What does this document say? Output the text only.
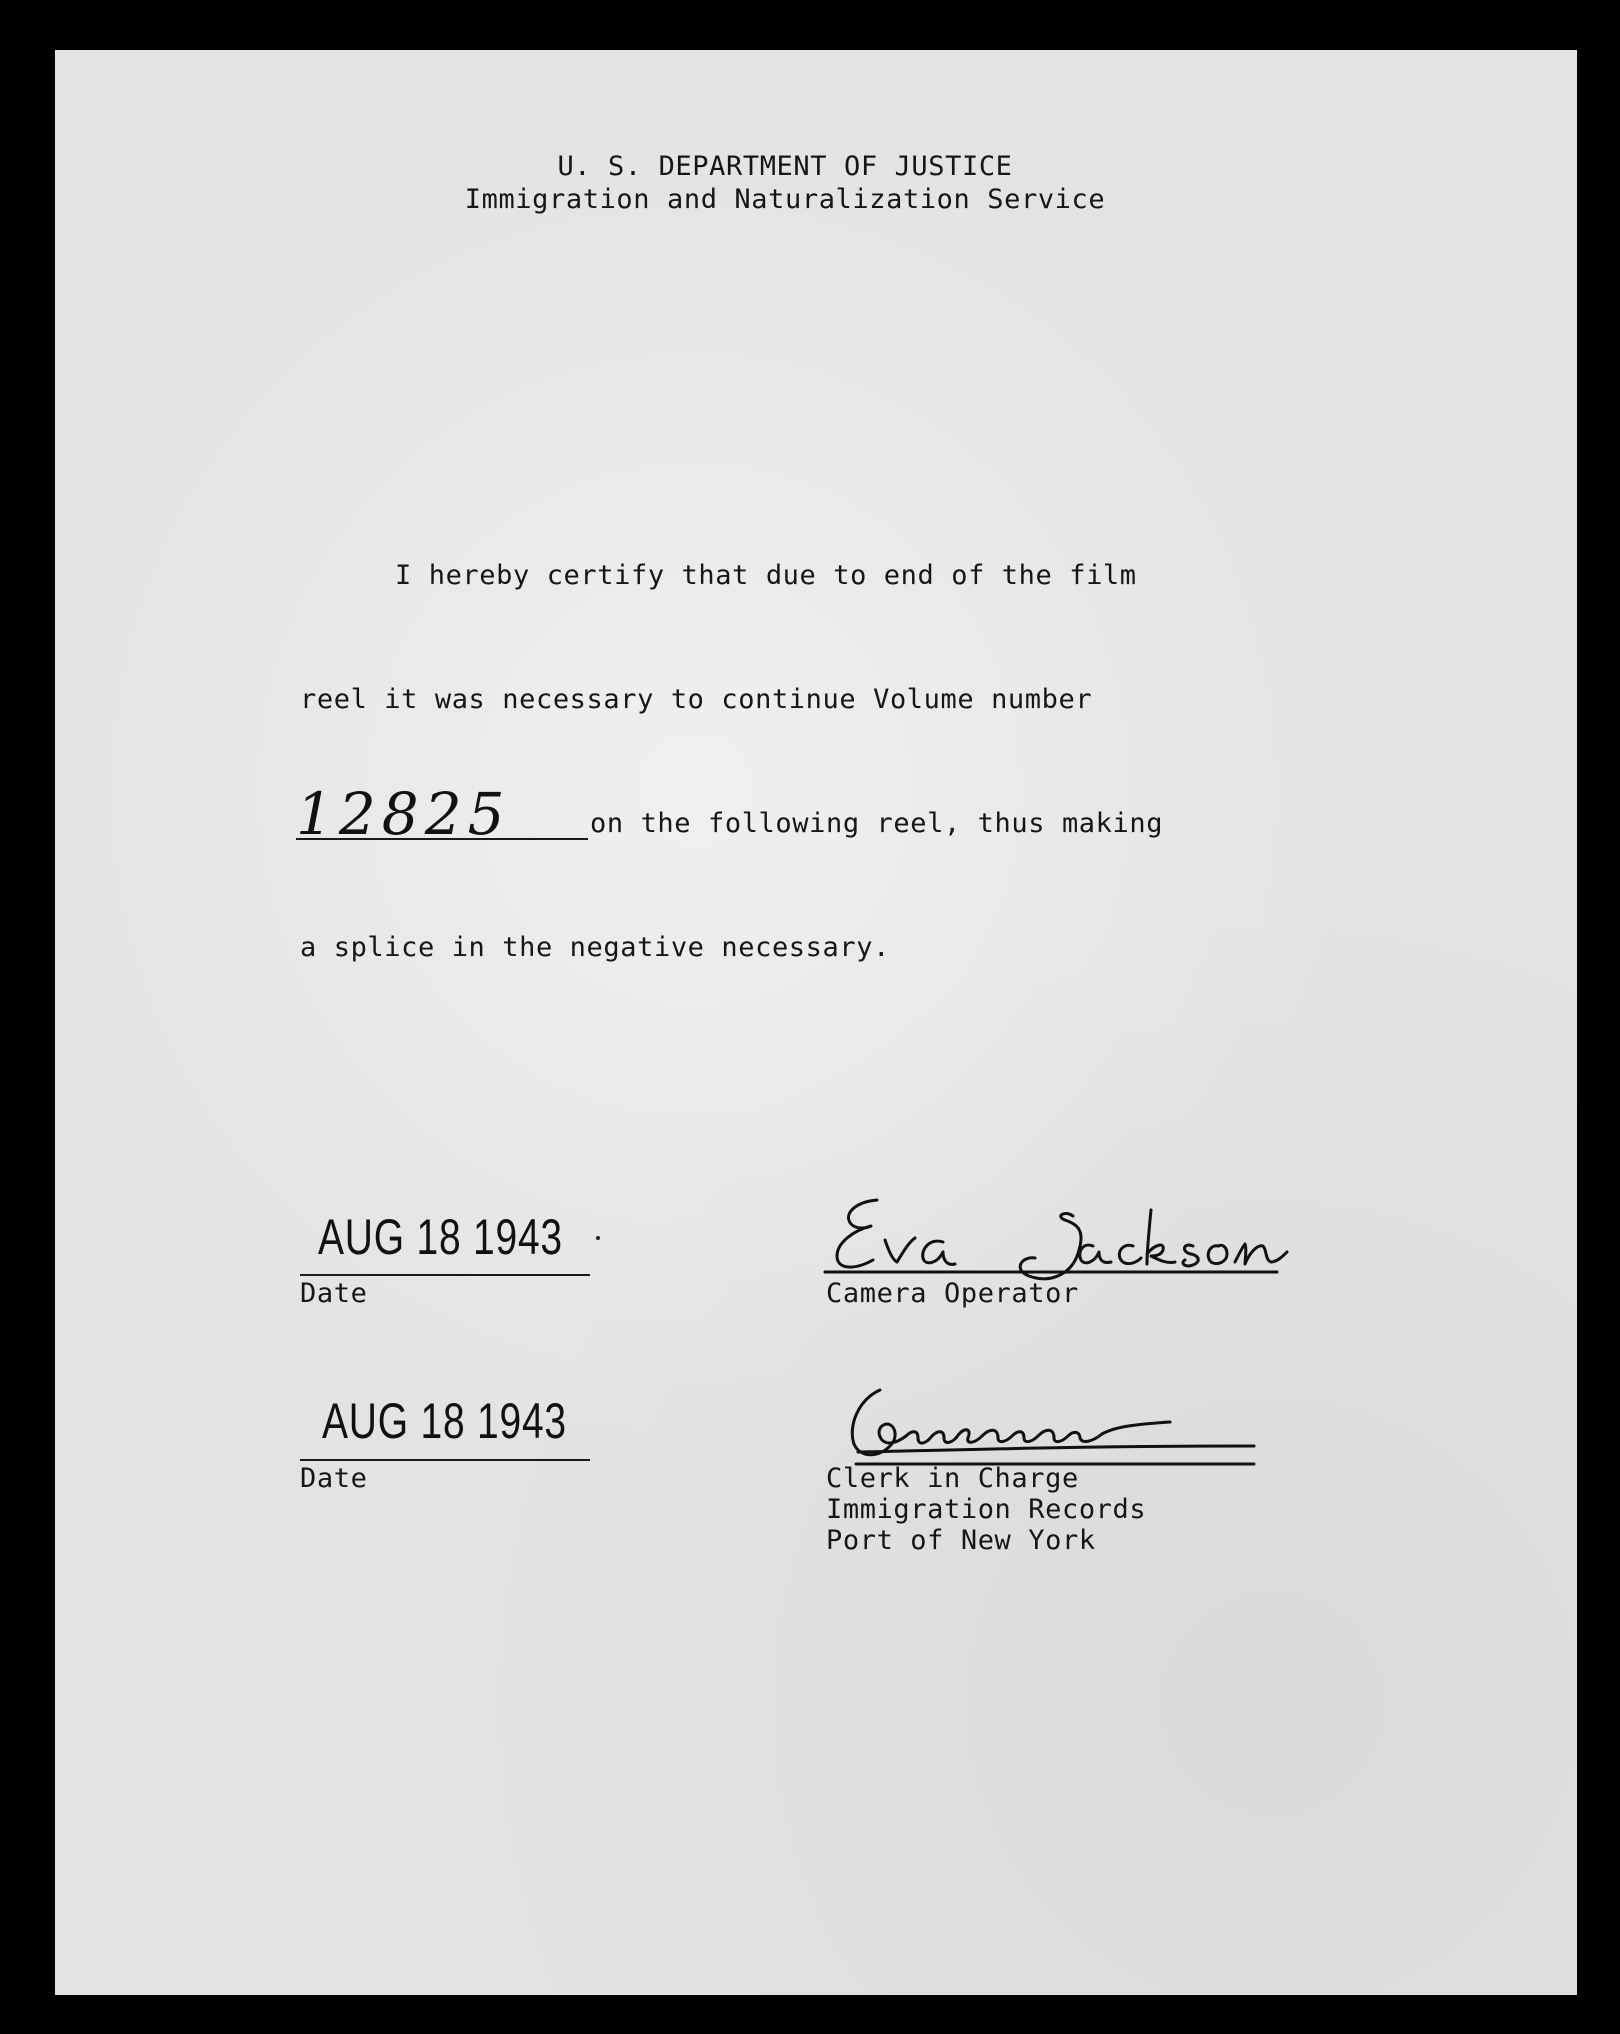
U. S. DEPARTMENT OF JUSTICE
Immigration and Naturalization Service
I hereby certify that due to end of the film
reel it was necessary to continue Volume number
12825	on the following reel, thus making
a splice in the negative necessary.
AUG 18 1943
Date	Camera Operator
AUG 18 1943
Date	Clerk in Charge
Immigration Records
Port of New York
